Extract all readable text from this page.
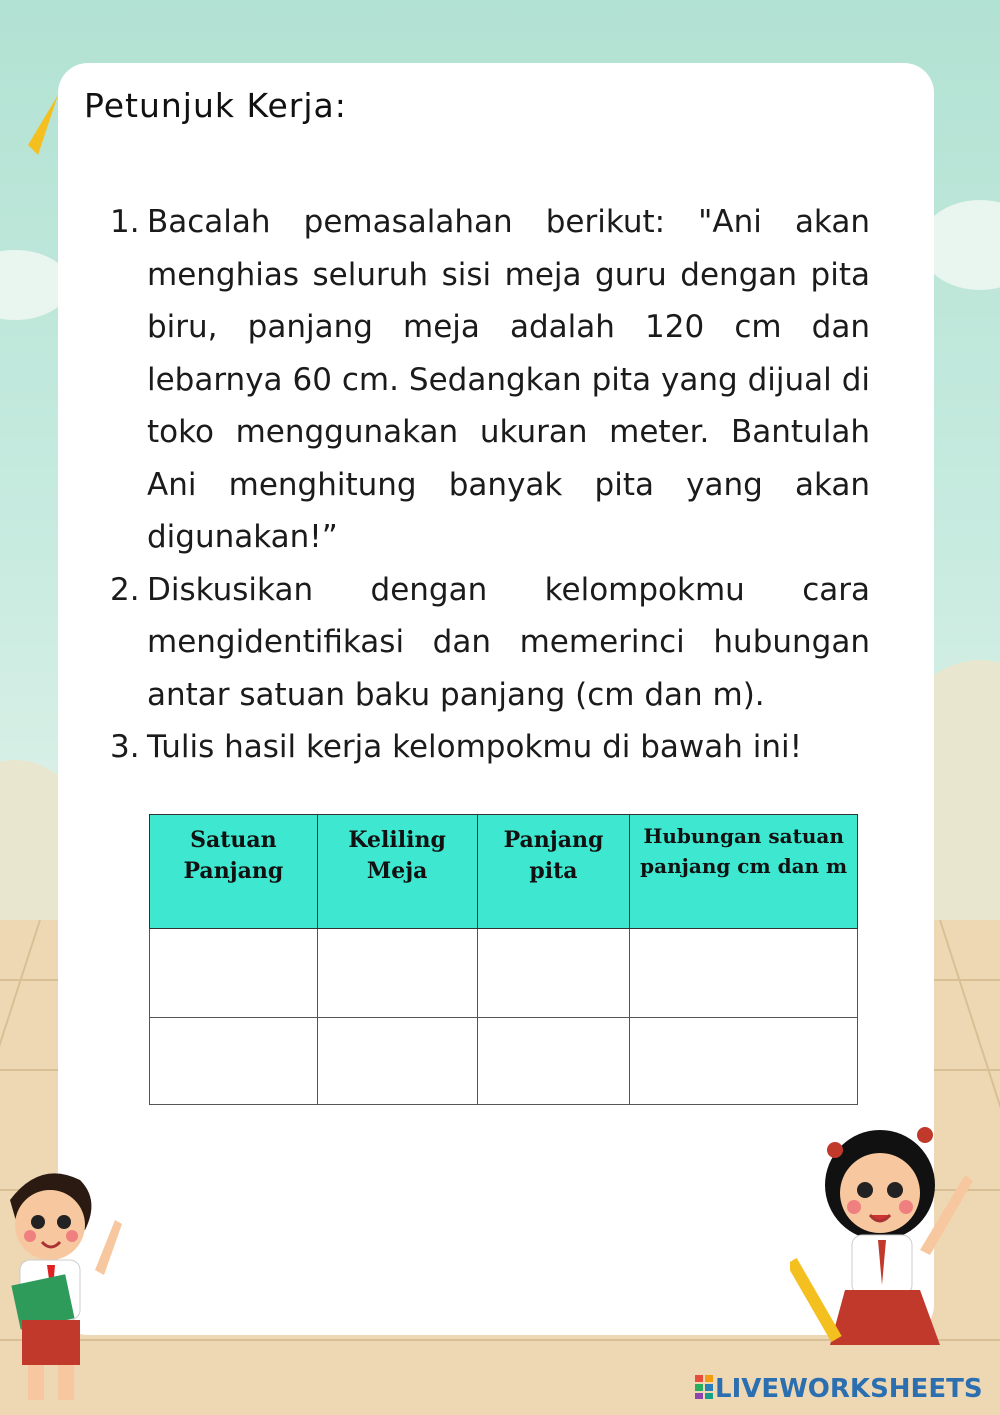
Petunjuk Kerja:
1. Bacalah pemasalahan berikut: "Ani akan menghias seluruh sisi meja guru dengan pita biru, panjang meja adalah 120 cm dan lebarnya 60 cm. Sedangkan pita yang dijual di toko menggunakan ukuran meter. Bantulah Ani menghitung banyak pita yang akan digunakan!”
2. Diskusikan dengan kelompokmu cara mengidentifikasi dan memerinci hubungan antar satuan baku panjang (cm dan m).
3. Tulis hasil kerja kelompokmu di bawah ini!
Satuan Panjang	Keliling Meja	Panjang pita	Hubungan satuan panjang cm dan m

LIVEWORKSHEETS
